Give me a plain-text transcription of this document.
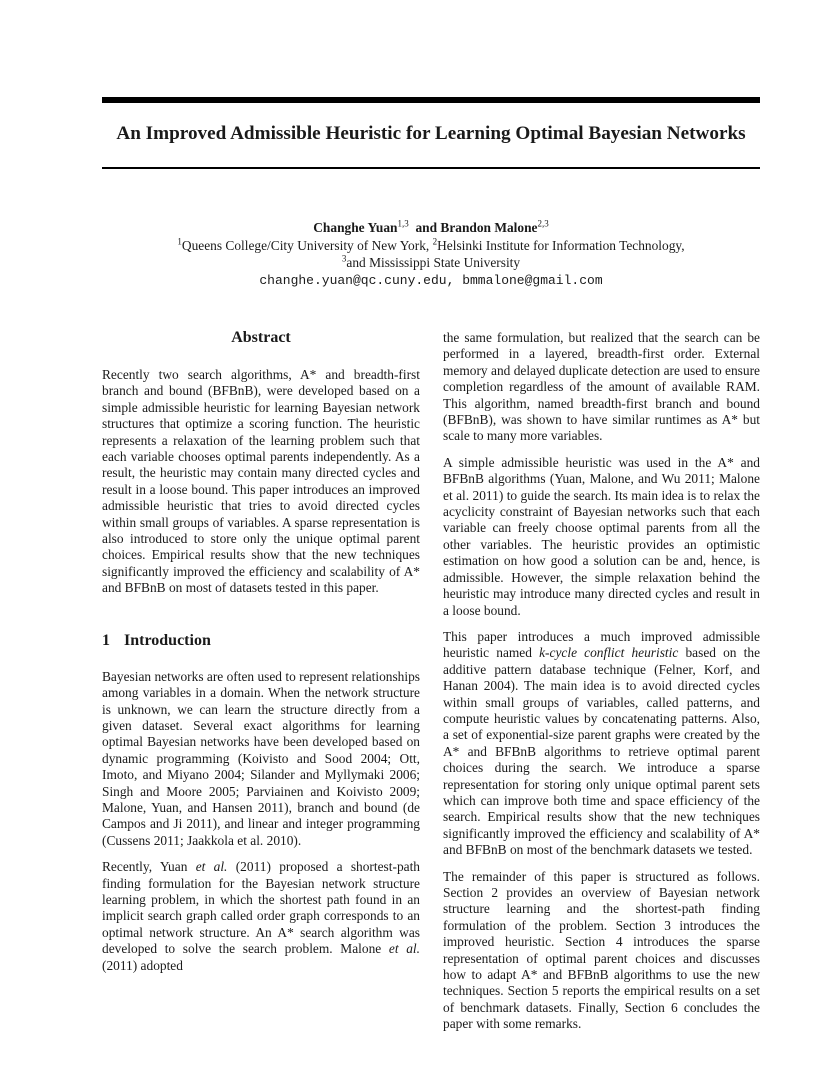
An Improved Admissible Heuristic for Learning Optimal Bayesian Networks
Changhe Yuan$^{1,3}$ and Brandon Malone$^{2,3}$
$^1$Queens College/City University of New York, $^2$Helsinki Institute for Information Technology,
$^3$and Mississippi State University
changhe.yuan@qc.cuny.edu, bmmalone@gmail.com
Abstract

Recently two search algorithms, A* and breadth-first branch and bound (BFBnB), were developed based on a simple admissible heuristic for learning Bayesian network structures that optimize a scoring function. The heuristic represents a relaxation of the learning problem such that each variable chooses optimal parents independently. As a result, the heuristic may contain many directed cycles and result in a loose bound. This paper introduces an improved admissible heuristic that tries to avoid directed cycles within small groups of variables. A sparse representation is also introduced to store only the unique optimal parent choices. Empirical results show that the new techniques significantly improved the efficiency and scalability of A* and BFBnB on most of datasets tested in this paper.

1 Introduction

Bayesian networks are often used to represent relationships among variables in a domain. When the network structure is unknown, we can learn the structure directly from a given dataset. Several exact algorithms for learning optimal Bayesian networks have been developed based on dynamic programming (Koivisto and Sood 2004; Ott, Imoto, and Miyano 2004; Silander and Myllymaki 2006; Singh and Moore 2005; Parviainen and Koivisto 2009; Malone, Yuan, and Hansen 2011), branch and bound (de Campos and Ji 2011), and linear and integer programming (Cussens 2011; Jaakkola et al. 2010).

Recently, Yuan et al. (2011) proposed a shortest-path finding formulation for the Bayesian network structure learning problem, in which the shortest path found in an implicit search graph called order graph corresponds to an optimal network structure. An A* search algorithm was developed to solve the search problem. Malone et al. (2011) adopted

the same formulation, but realized that the search can be performed in a layered, breadth-first order. External memory and delayed duplicate detection are used to ensure completion regardless of the amount of available RAM. This algorithm, named breadth-first branch and bound (BFBnB), was shown to have similar runtimes as A* but scale to many more variables.

A simple admissible heuristic was used in the A* and BFBnB algorithms (Yuan, Malone, and Wu 2011; Malone et al. 2011) to guide the search. Its main idea is to relax the acyclicity constraint of Bayesian networks such that each variable can freely choose optimal parents from all the other variables. The heuristic provides an optimistic estimation on how good a solution can be and, hence, is admissible. However, the simple relaxation behind the heuristic may introduce many directed cycles and result in a loose bound.

This paper introduces a much improved admissible heuristic named k-cycle conflict heuristic based on the additive pattern database technique (Felner, Korf, and Hanan 2004). The main idea is to avoid directed cycles within small groups of variables, called patterns, and compute heuristic values by concatenating patterns. Also, a set of exponential-size parent graphs were created by the A* and BFBnB algorithms to retrieve optimal parent choices during the search. We introduce a sparse representation for storing only unique optimal parent sets which can improve both time and space efficiency of the search. Empirical results show that the new techniques significantly improved the efficiency and scalability of A* and BFBnB on most of the benchmark datasets we tested.

The remainder of this paper is structured as follows. Section 2 provides an overview of Bayesian network structure learning and the shortest-path finding formulation of the problem. Section 3 introduces the improved heuristic. Section 4 introduces the sparse representation of optimal parent choices and discusses how to adapt A* and BFBnB algorithms to use the new techniques. Section 5 reports the empirical results on a set of benchmark datasets. Finally, Section 6 concludes the paper with some remarks.
